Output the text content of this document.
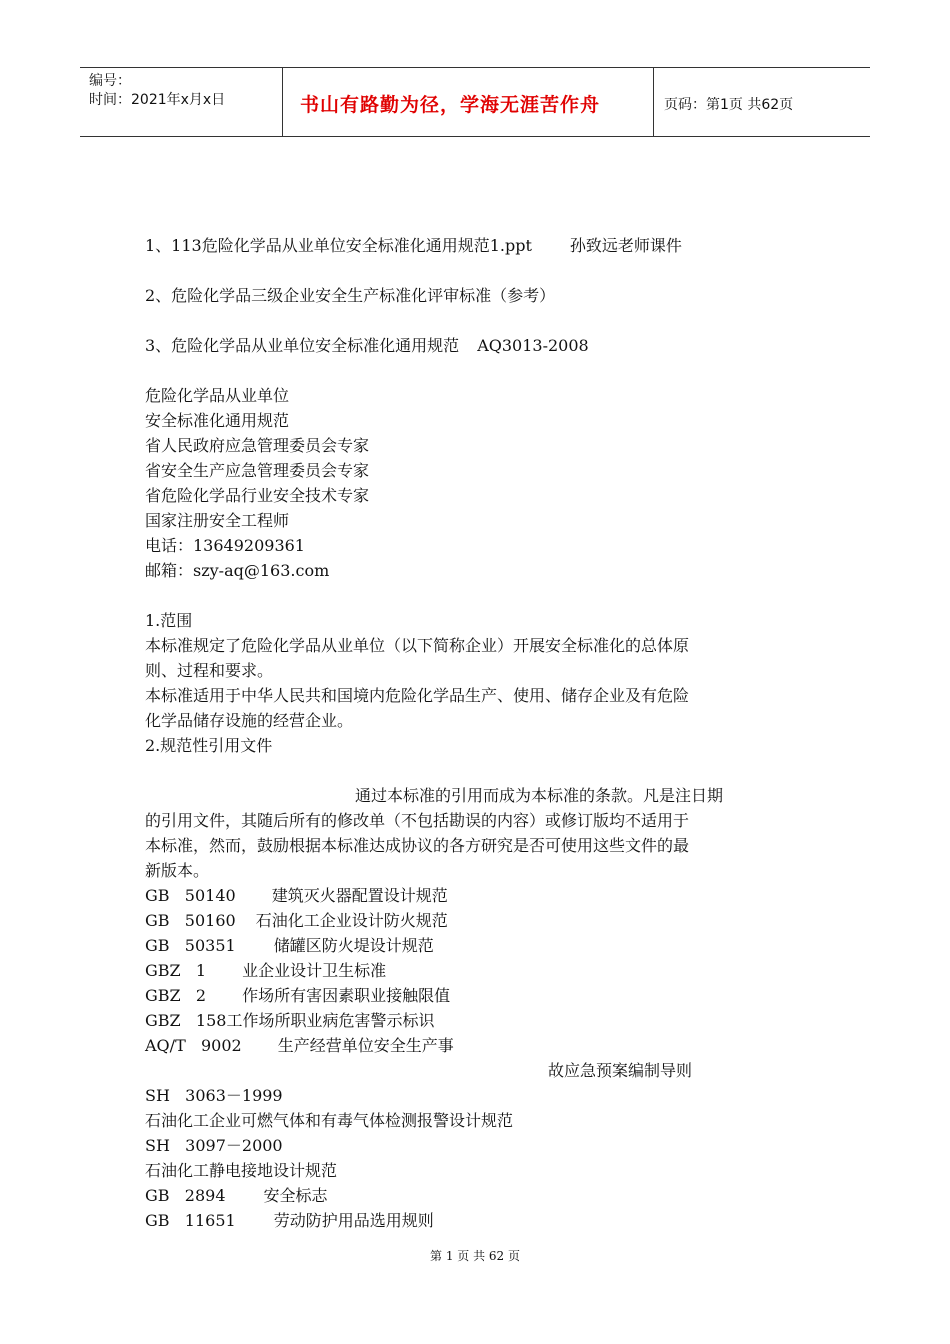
编号：
时间：2021年x月x日	书山有路勤为径，学海无涯苦作舟	页码：第1页 共62页
1、113危险化学品从业单位安全标准化通用规范1.ppt 孙致远老师课件
2、危险化学品三级企业安全生产标准化评审标准（参考）
3、危险化学品从业单位安全标准化通用规范 AQ3013-2008
危险化学品从业单位
安全标准化通用规范
省人民政府应急管理委员会专家
省安全生产应急管理委员会专家
省危险化学品行业安全技术专家
国家注册安全工程师
电话：13649209361
邮箱：szy-aq@163.com
1.范围
本标准规定了危险化学品从业单位（以下简称企业）开展安全标准化的总体原
则、过程和要求。
本标准适用于中华人民共和国境内危险化学品生产、使用、储存企业及有危险
化学品储存设施的经营企业。
2.规范性引用文件
通过本标准的引用而成为本标准的条款。凡是注日期
的引用文件，其随后所有的修改单（不包括勘误的内容）或修订版均不适用于
本标准，然而，鼓励根据本标准达成协议的各方研究是否可使用这些文件的最
新版本。
GB   50140 建筑灭火器配置设计规范
GB   50160 石油化工企业设计防火规范
GB   50351 储罐区防火堤设计规范
GBZ   1 业企业设计卫生标准
GBZ   2 作场所有害因素职业接触限值
GBZ   158工作场所职业病危害警示标识
AQ/T   9002 生产经营单位安全生产事
故应急预案编制导则
SH   3063－1999
石油化工企业可燃气体和有毒气体检测报警设计规范
SH   3097－2000
石油化工静电接地设计规范
GB   2894 安全标志
GB   11651 劳动防护用品选用规则
第 1 页 共 62 页
